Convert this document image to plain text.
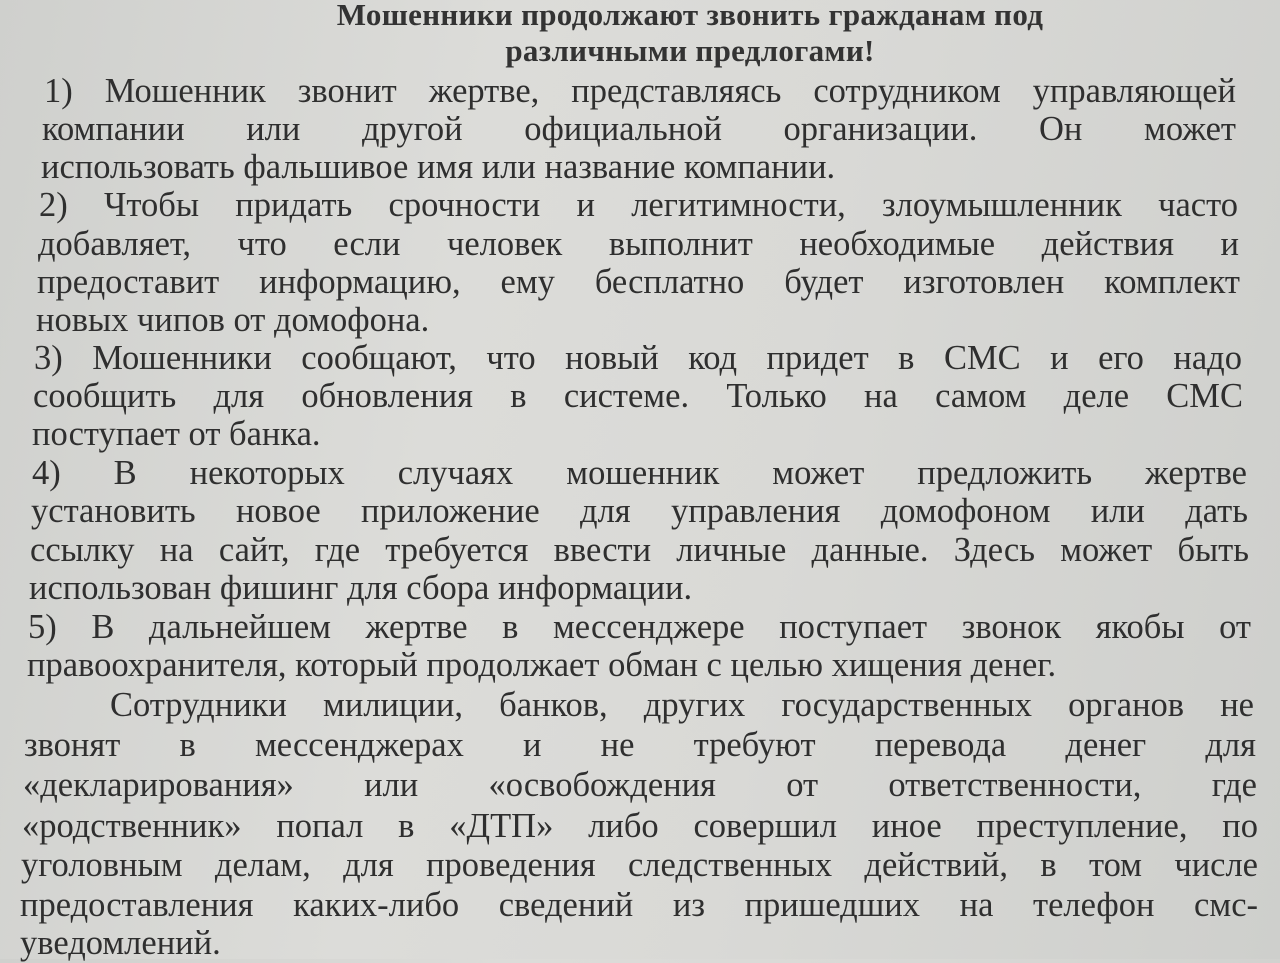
Мошенники продолжают звонить гражданам под
различными предлогами!
1) Мошенник звонит жертве, представляясь сотрудником управляющей
компании или другой официальной организации. Он может
использовать фальшивое имя или название компании.
2) Чтобы придать срочности и легитимности, злоумышленник часто
добавляет, что если человек выполнит необходимые действия и
предоставит информацию, ему бесплатно будет изготовлен комплект
новых чипов от домофона.
3) Мошенники сообщают, что новый код придет в СМС и его надо
сообщить для обновления в системе. Только на самом деле СМС
поступает от банка.
4) В некоторых случаях мошенник может предложить жертве
установить новое приложение для управления домофоном или дать
ссылку на сайт, где требуется ввести личные данные. Здесь может быть
использован фишинг для сбора информации.
5) В дальнейшем жертве в мессенджере поступает звонок якобы от
правоохранителя, который продолжает обман с целью хищения денег.
Сотрудники милиции, банков, других государственных органов не
звонят в мессенджерах и не требуют перевода денег для
«декларирования» или «освобождения от ответственности, где
«родственник» попал в «ДТП» либо совершил иное преступление, по
уголовным делам, для проведения следственных действий, в том числе
предоставления каких-либо сведений из пришедших на телефон смс-
уведомлений.
